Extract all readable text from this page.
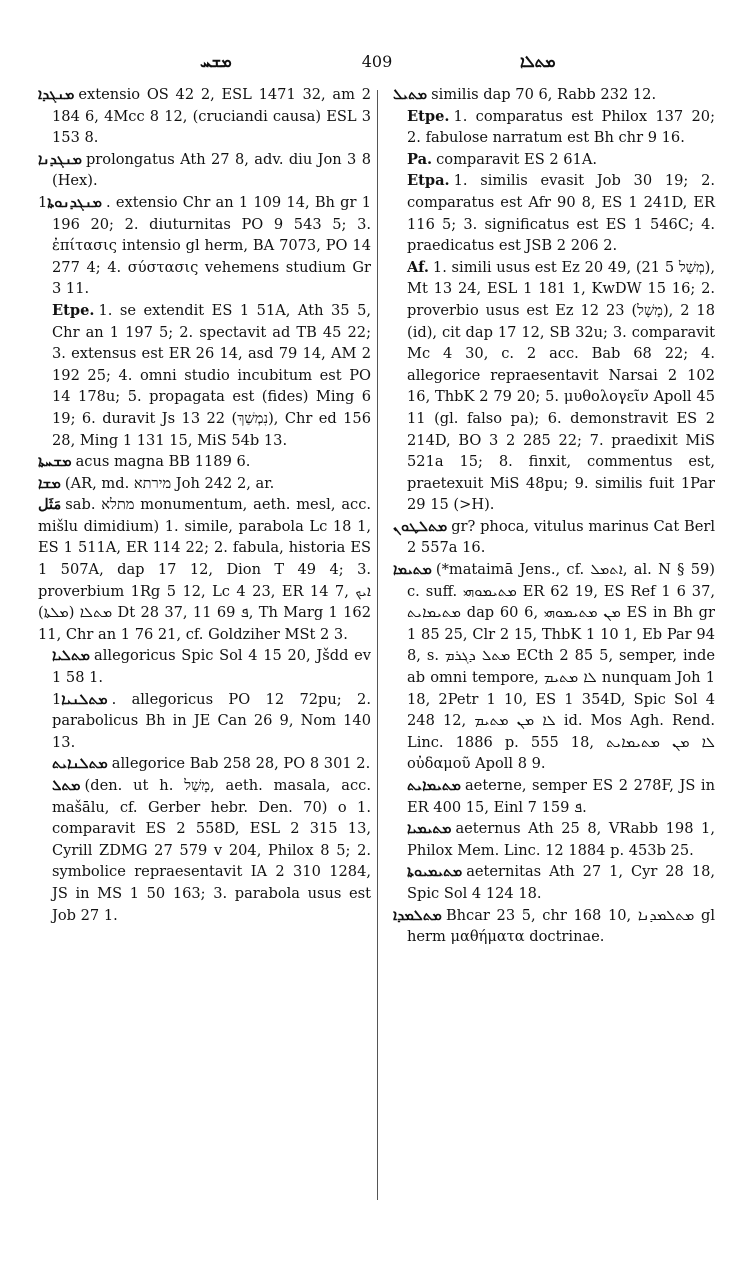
ܡܫܚ	409	ܡܬܠܐ

ܡܢܓܕܐ extensio OS 42 2, ESL 1471 32, am 2 184 6, 4Mcc 8 12, (cruciandi causa) ESL 3 153 8.

ܡܢܓܕܢܐ prolongatus Ath 27 8, adv. diu Jon 3 8 (Hex).

ܡܢܓܕܢܘܬܐ1. extensio Chr an 1 109 14, Bh gr 1 196 20; 2. diuturnitas PO 9 543 5; 3. ἐπίτασις intensio gl herm, BA 7073, PO 14 277 4; 4. σύστασις vehemens studium Gr 3 11.

Etpe. 1. se extendit ES 1 51A, Ath 35 5, Chr an 1 197 5; 2. spectavit ad TB 45 22; 3. extensus est ER 26 14, asd 79 14, AM 2 192 25; 4. omni studio incubitum est PO 14 178u; 5. propagata est (fides) Ming 6 19; 6. duravit Js 13 22 (נִמְשַׁךְ), Chr ed 156 28, Ming 1 131 15, MiS 54b 13.

ܡܫܚܬܐ acus magna BB 1189 6.

ܡܫܐ (AR, md. מירתא Joh 242 2, ar.

مَثَل sab. מתלא monumentum, aeth. mesl, acc. mišlu dimidium) 1. simile, parabola Lc 18 1, ES 1 511A, ER 114 22; 2. fabula, historia ES 1 507A, dap 17 12, Dion T 49 4; 3. proverbium 1Rg 5 12, Lc 4 23, ER 14 7, ܐܝܟ ܡܬܠܐ (ܡܠܬܐ) Dt 28 37, ܦ 69 11, Th Marg 1 162 11, Chr an 1 76 21, cf. Goldziher MSt 2 3.

ܡܬܠܝܐ allegoricus Spic Sol 4 15 20, Jšdd ev 1 58 1.

ܡܬܠܢܝܐ1. allegoricus PO 12 72pu; 2. parabolicus Bh in JE Can 26 9, Nom 140 13.

ܡܬܠܢܐܝܬ allegorice Bab 258 28, PO 8 301 2.

ܡܬܠ (den. ut h. מָשַׁל, aeth. masala, acc. mašālu, cf. Gerber hebr. Den. 70) o 1. comparavit ES 2 558D, ESL 2 315 13, Cyrill ZDMG 27 579 v 204, Philox 8 5; 2. symbolice repraesentavit IA 2 310 1284, JS in MS 1 50 163; 3. parabola usus est Job 27 1.

ܡܬܝܠ similis dap 70 6, Rabb 232 12.

Etpe. 1. comparatus est Philox 137 20; 2. fabulose narratum est Bh chr 9 16.

Pa. comparavit ES 2 61A.

Etpa. 1. similis evasit Job 30 19; 2. comparatus est Afr 90 8, ES 1 241D, ER 116 5; 3. significatus est ES 1 546C; 4. praedicatus est JSB 2 206 2.

Af. 1. simili usus est Ez 20 49, (21 5 מְשַׁל), Mt 13 24, ESL 1 181 1, KwDW 15 16; 2. proverbio usus est Ez 12 23 (מָשָׁל), 18 2 (id), cit dap 17 12, SB 32u; 3. comparavit Mc 4 30, c. 2 acc. Bab 68 22; 4. allegorice repraesentavit Narsai 2 102 16, ThbK 2 79 20; 5. μυθολογεῖν Apoll 45 11 (gl. falso pa); 6. demonstravit ES 2 214D, BO 3 2 285 22; 7. praedixit MiS 521a 15; 8. finxit, commentus est, praetexuit MiS 48pu; 9. similis fuit 1Par 29 15 (>H).

ܡܬܠܛܘܢ gr? phoca, vitulus marinus Cat Berl 2 557a 16.

ܡܬܝܡܐ (*mataimā Jens., cf. ܐܬܡܠ, al. N § 59) c. suff. ܡܬܝܡܘܗܝ ER 62 19, ES Ref 1 6 37, ܡܬܝܡܐܝܬ dap 60 6, ܡܢ ܡܬܝܡܘܗܝ ES in Bh gr 1 85 25, Clr 2 15, ThbK 1 10 1, Eb Par 94 8, s. ܡܬܠ ܕܓܪܡ ECth 2 85 5, semper, inde ab omni tempore, ܠܐ ܡܬܝܡ nunquam Joh 1 18, 2Petr 1 10, ES 1 354D, Spic Sol 4 248 12, ܠܐ ܡܢ ܡܬܝܡ id. Mos Agh. Rend. Linc. 1886 p. 555 18, ܠܐ ܡܢ ܡܬܝܡܐܝܬ οὐδαμοῦ Apoll 8 9.

ܡܬܝܡܐܝܬ aeterne, semper ES 2 278F, JS in ER 400 15, Einl ܦ 159 7.

ܡܬܝܡܝܐ aeternus Ath 25 8, VRabb 198 1, Philox Mem. Linc. 12 1884 p. 453b 25.

ܡܬܝܡܝܘܬܐ aeternitas Ath 27 1, Cyr 28 18, Spic Sol 4 124 18.

ܡܬܠܡܕܐ Bhcar 23 5, chr 168 10, ܡܬܠܡܕܢܐ gl herm μαθήματα doctrinae.
